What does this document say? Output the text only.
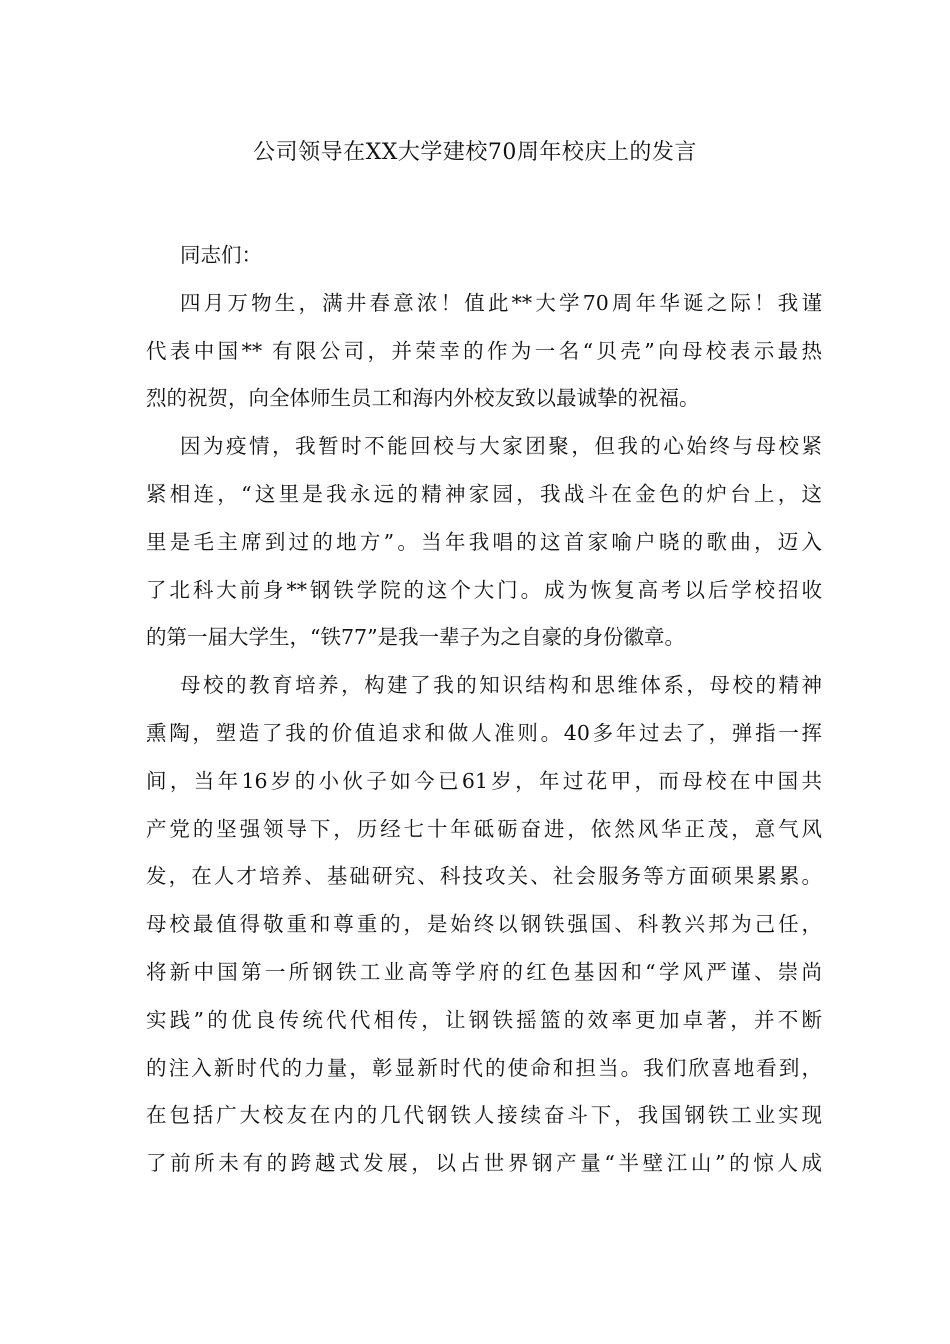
公司领导在XX大学建校70周年校庆上的发言
同志们：
四月万物生，满井春意浓！值此**大学70周年华诞之际！我谨
代表中国** 有限公司，并荣幸的作为一名“贝壳”向母校表示最热
烈的祝贺，向全体师生员工和海内外校友致以最诚挚的祝福。
因为疫情，我暂时不能回校与大家团聚，但我的心始终与母校紧
紧相连，“这里是我永远的精神家园，我战斗在金色的炉台上，这
里是毛主席到过的地方”。当年我唱的这首家喻户晓的歌曲，迈入
了北科大前身**钢铁学院的这个大门。成为恢复高考以后学校招收
的第一届大学生，“铁77”是我一辈子为之自豪的身份徽章。
母校的教育培养，构建了我的知识结构和思维体系，母校的精神
熏陶，塑造了我的价值追求和做人准则。40多年过去了，弹指一挥
间，当年16岁的小伙子如今已61岁，年过花甲，而母校在中国共
产党的坚强领导下，历经七十年砥砺奋进，依然风华正茂，意气风
发，在人才培养、基础研究、科技攻关、社会服务等方面硕果累累。
母校最值得敬重和尊重的，是始终以钢铁强国、科教兴邦为己任，
将新中国第一所钢铁工业高等学府的红色基因和“学风严谨、崇尚
实践”的优良传统代代相传，让钢铁摇篮的效率更加卓著，并不断
的注入新时代的力量，彰显新时代的使命和担当。我们欣喜地看到，
在包括广大校友在内的几代钢铁人接续奋斗下，我国钢铁工业实现
了前所未有的跨越式发展，以占世界钢产量“半壁江山”的惊人成
